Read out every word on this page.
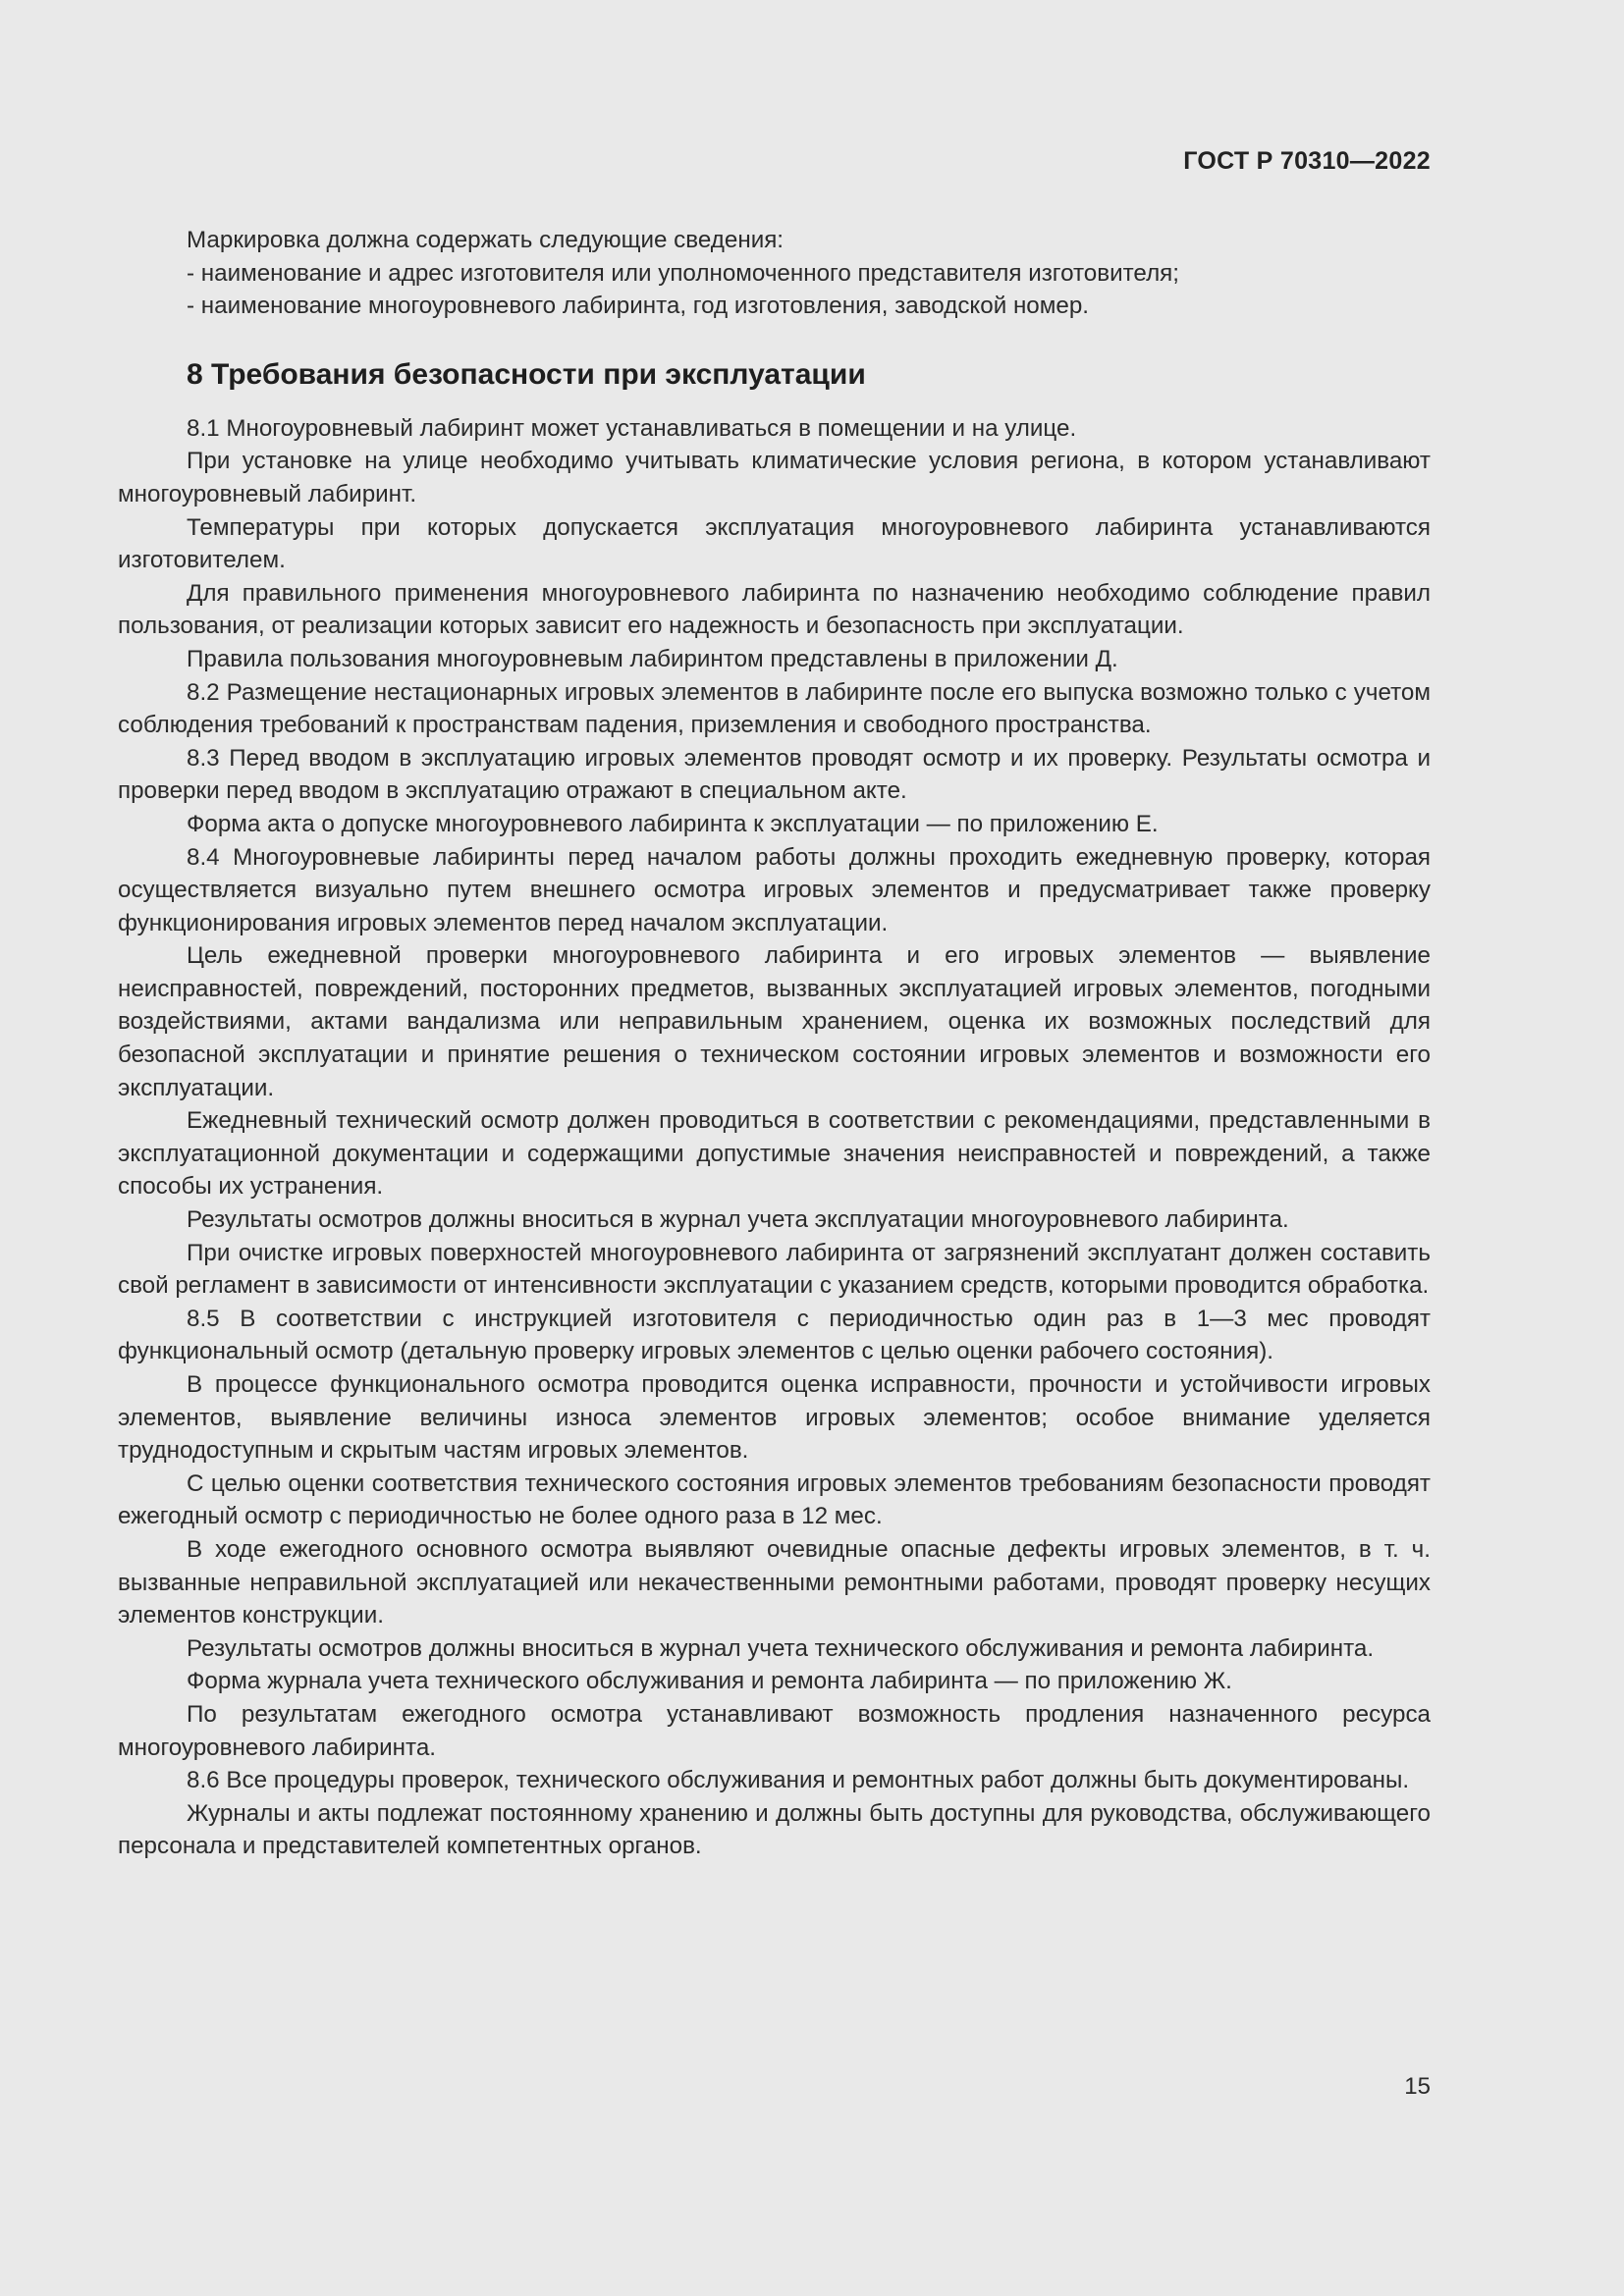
ГОСТ Р 70310—2022

Маркировка должна содержать следующие сведения:

- наименование и адрес изготовителя или уполномоченного представителя изготовителя;

- наименование многоуровневого лабиринта, год изготовления, заводской номер.

8 Требования безопасности при эксплуатации

8.1 Многоуровневый лабиринт может устанавливаться в помещении и на улице.

При установке на улице необходимо учитывать климатические условия региона, в котором устанавливают многоуровневый лабиринт.

Температуры при которых допускается эксплуатация многоуровневого лабиринта устанавливаются изготовителем.

Для правильного применения многоуровневого лабиринта по назначению необходимо соблюдение правил пользования, от реализации которых зависит его надежность и безопасность при эксплуатации.

Правила пользования многоуровневым лабиринтом представлены в приложении Д.

8.2 Размещение нестационарных игровых элементов в лабиринте после его выпуска возможно только с учетом соблюдения требований к пространствам падения, приземления и свободного пространства.

8.3 Перед вводом в эксплуатацию игровых элементов проводят осмотр и их проверку. Результаты осмотра и проверки перед вводом в эксплуатацию отражают в специальном акте.

Форма акта о допуске многоуровневого лабиринта к эксплуатации — по приложению Е.

8.4 Многоуровневые лабиринты перед началом работы должны проходить ежедневную проверку, которая осуществляется визуально путем внешнего осмотра игровых элементов и предусматривает также проверку функционирования игровых элементов перед началом эксплуатации.

Цель ежедневной проверки многоуровневого лабиринта и его игровых элементов — выявление неисправностей, повреждений, посторонних предметов, вызванных эксплуатацией игровых элементов, погодными воздействиями, актами вандализма или неправильным хранением, оценка их возможных последствий для безопасной эксплуатации и принятие решения о техническом состоянии игровых элементов и возможности его эксплуатации.

Ежедневный технический осмотр должен проводиться в соответствии с рекомендациями, представленными в эксплуатационной документации и содержащими допустимые значения неисправностей и повреждений, а также способы их устранения.

Результаты осмотров должны вноситься в журнал учета эксплуатации многоуровневого лабиринта.

При очистке игровых поверхностей многоуровневого лабиринта от загрязнений эксплуатант должен составить свой регламент в зависимости от интенсивности эксплуатации с указанием средств, которыми проводится обработка.

8.5 В соответствии с инструкцией изготовителя с периодичностью один раз в 1—3 мес проводят функциональный осмотр (детальную проверку игровых элементов с целью оценки рабочего состояния).

В процессе функционального осмотра проводится оценка исправности, прочности и устойчивости игровых элементов, выявление величины износа элементов игровых элементов; особое внимание уделяется труднодоступным и скрытым частям игровых элементов.

С целью оценки соответствия технического состояния игровых элементов требованиям безопасности проводят ежегодный осмотр с периодичностью не более одного раза в 12 мес.

В ходе ежегодного основного осмотра выявляют очевидные опасные дефекты игровых элементов, в т. ч. вызванные неправильной эксплуатацией или некачественными ремонтными работами, проводят проверку несущих элементов конструкции.

Результаты осмотров должны вноситься в журнал учета технического обслуживания и ремонта лабиринта.

Форма журнала учета технического обслуживания и ремонта лабиринта — по приложению Ж.

По результатам ежегодного осмотра устанавливают возможность продления назначенного ресурса многоуровневого лабиринта.

8.6 Все процедуры проверок, технического обслуживания и ремонтных работ должны быть документированы.

Журналы и акты подлежат постоянному хранению и должны быть доступны для руководства, обслуживающего персонала и представителей компетентных органов.

15
